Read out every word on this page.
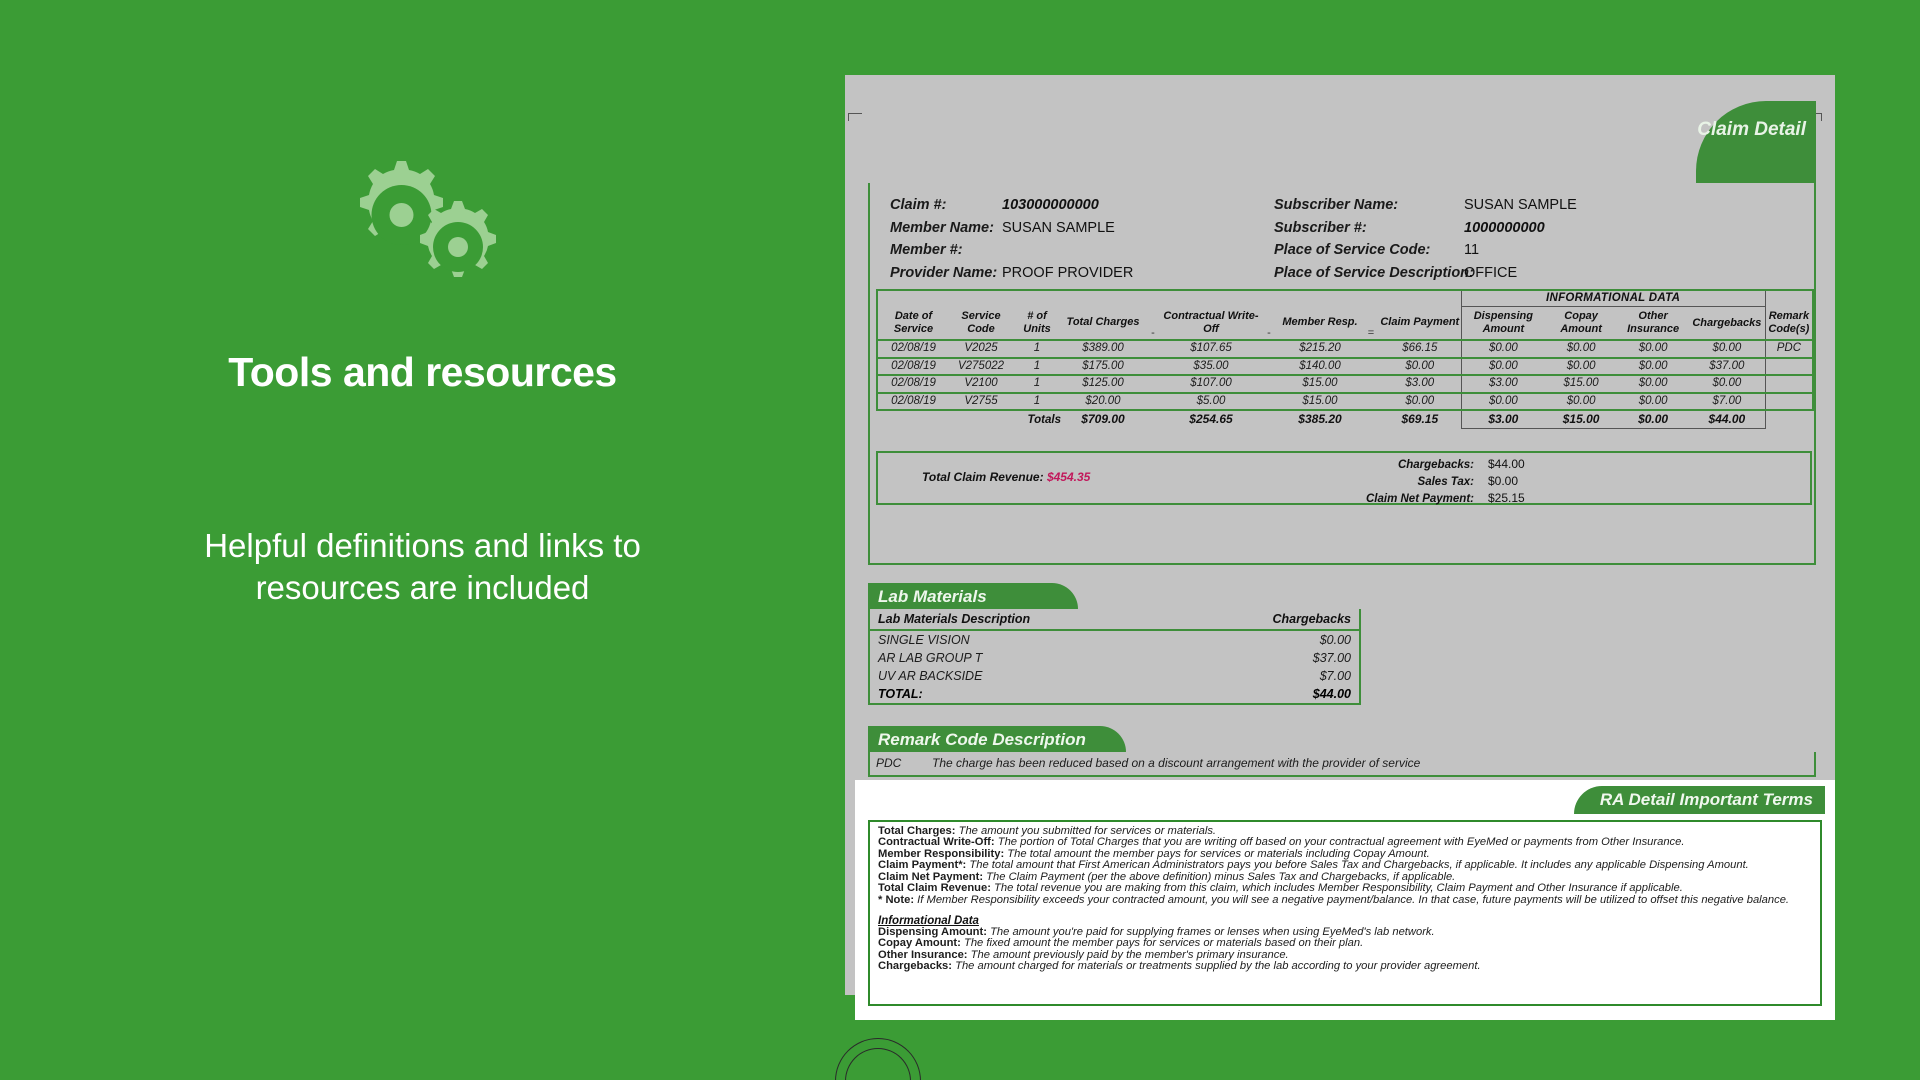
Tools and resources
Helpful definitions and links to resources are included
Claim Detail
Claim #:	103000000000
Member Name: SUSAN SAMPLE
Member #:
Provider Name: PROOF PROVIDER
Subscriber Name:	SUSAN SAMPLE
Subscriber #:	1000000000
Place of Service Code:	11
Place of Service Description:
OFFICE
										INFORMATIONAL DATA				
Date of Service	Service Code	# of Units	Total Charges	-	Contractual Write-Off	-	Member Resp.	=	Claim Payment	Dispensing Amount	Copay Amount	Other Insurance	Chargebacks	Remark Code(s)
02/08/19	V2025	1	$389.00		$107.65		$215.20		$66.15	$0.00	$0.00	$0.00	$0.00	PDC
02/08/19	V275022	1	$175.00		$35.00		$140.00		$0.00	$0.00	$0.00	$0.00	$37.00	
02/08/19	V2100	1	$125.00		$107.00		$15.00		$3.00	$3.00	$15.00	$0.00	$0.00	
02/08/19	V2755	1	$20.00		$5.00		$15.00		$0.00	$0.00	$0.00	$0.00	$7.00	
		Totals	$709.00		$254.65		$385.20		$69.15	$3.00	$15.00	$0.00	$44.00	
Total Claim Revenue: $454.35
Chargebacks:	$44.00
Sales Tax:	$0.00
Claim Net Payment:	$25.15
Lab Materials
Lab Materials Description	Chargebacks
SINGLE VISION	$0.00
AR LAB GROUP T	$37.00
UV AR BACKSIDE	$7.00
TOTAL:	$44.00
Remark Code Description
PDC	The charge has been reduced based on a discount arrangement with the provider of service
RA Detail Important Terms
Total Charges: The amount you submitted for services or materials.
Contractual Write-Off: The portion of Total Charges that you are writing off based on your contractual agreement with EyeMed or payments from Other Insurance.
Member Responsibility: The total amount the member pays for services or materials including Copay Amount.
Claim Payment*: The total amount that First American Administrators pays you before Sales Tax and Chargebacks, if applicable. It includes any applicable Dispensing Amount.
Claim Net Payment: The Claim Payment (per the above definition) minus Sales Tax and Chargebacks, if applicable.
Total Claim Revenue: The total revenue you are making from this claim, which includes Member Responsibility, Claim Payment and Other Insurance if applicable.
* Note: If Member Responsibility exceeds your contracted amount, you will see a negative payment/balance. In that case, future payments will be utilized to offset this negative balance.
Informational Data
Dispensing Amount: The amount you're paid for supplying frames or lenses when using EyeMed's lab network.
Copay Amount: The fixed amount the member pays for services or materials based on their plan.
Other Insurance: The amount previously paid by the member's primary insurance.
Chargebacks: The amount charged for materials or treatments supplied by the lab according to your provider agreement.
